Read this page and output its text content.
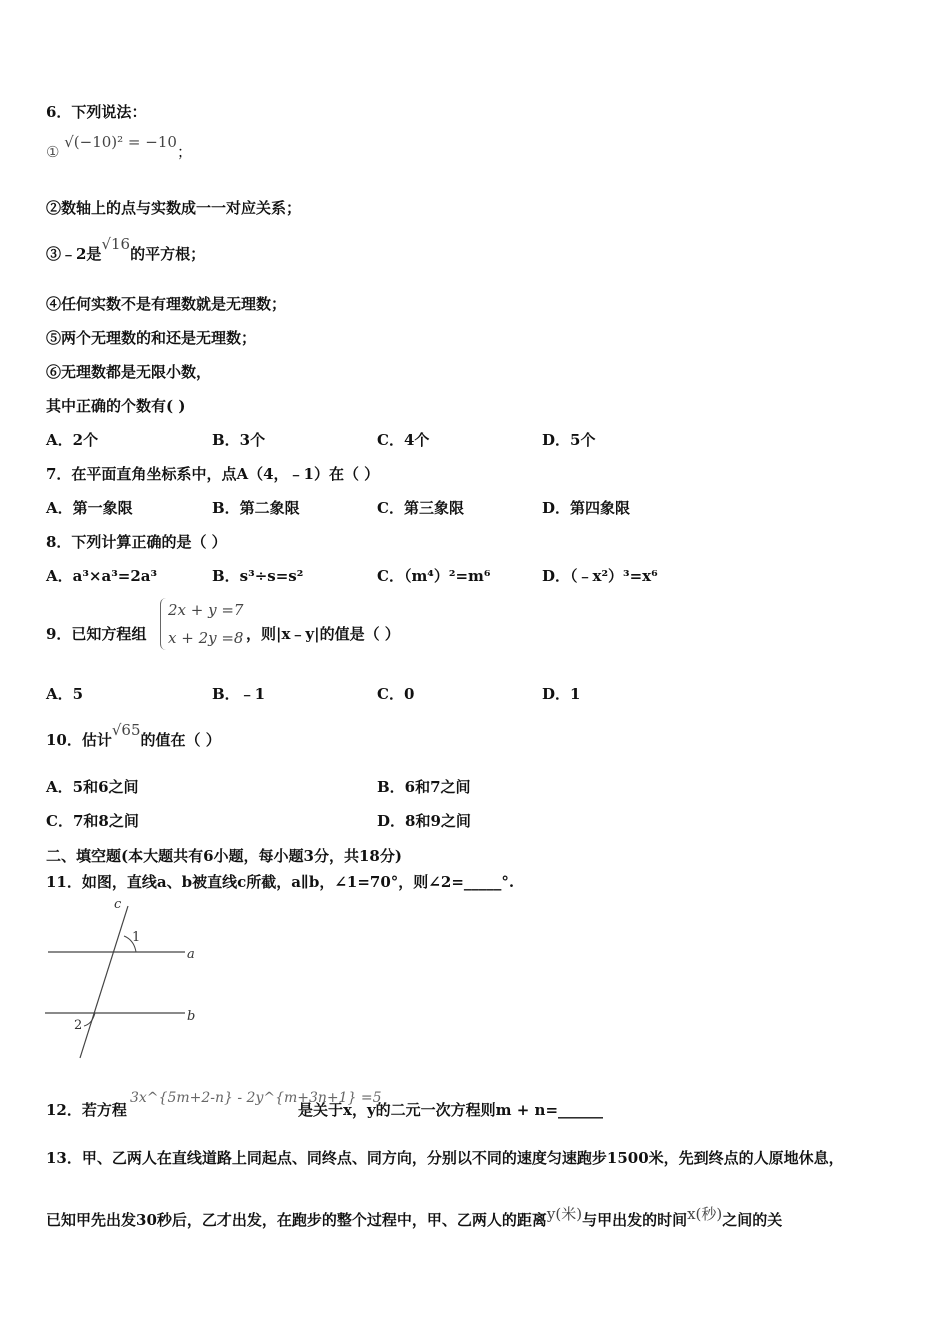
6．下列说法：
① √(−10)² = −10；
②数轴上的点与实数成一一对应关系；
③﹣2是√16的平方根；
④任何实数不是有理数就是无理数；
⑤两个无理数的和还是无理数；
⑥无理数都是无限小数，
其中正确的个数有( )
A．2个	B．3个	C．4个	D．5个
7．在平面直角坐标系中，点A（4，﹣1）在（ ）
A．第一象限	B．第二象限	C．第三象限	D．第四象限
8．下列计算正确的是（ ）
A．a³×a³=2a³	B．s³÷s=s²	C．（m⁴）²=m⁶	D．（﹣x²）³=x⁶
9．已知方程组
2x + y =7
x + 2y =8 ，则|x﹣y|的值是（ ）
A．5	B．﹣1	C．0	D．1
10．估计√65的值在（ ）
A．5和6之间	B．6和7之间
C．7和8之间	D．8和9之间
二、填空题(本大题共有6小题，每小题3分，共18分)
11．如图，直线a、b被直线c所截，a∥b，∠1=70°，则∠2=_____°.
c
a
b
1
2
12．若方程
3x^{5m+2-n} - 2y^{m+3n+1} =5
是关于x，y的二元一次方程则m + n=______
13．甲、乙两人在直线道路上同起点、同终点、同方向，分别以不同的速度匀速跑步1500米，先到终点的人原地休息，
已知甲先出发30秒后，乙才出发，在跑步的整个过程中，甲、乙两人的距离y(米)与甲出发的时间x(秒)之间的关
